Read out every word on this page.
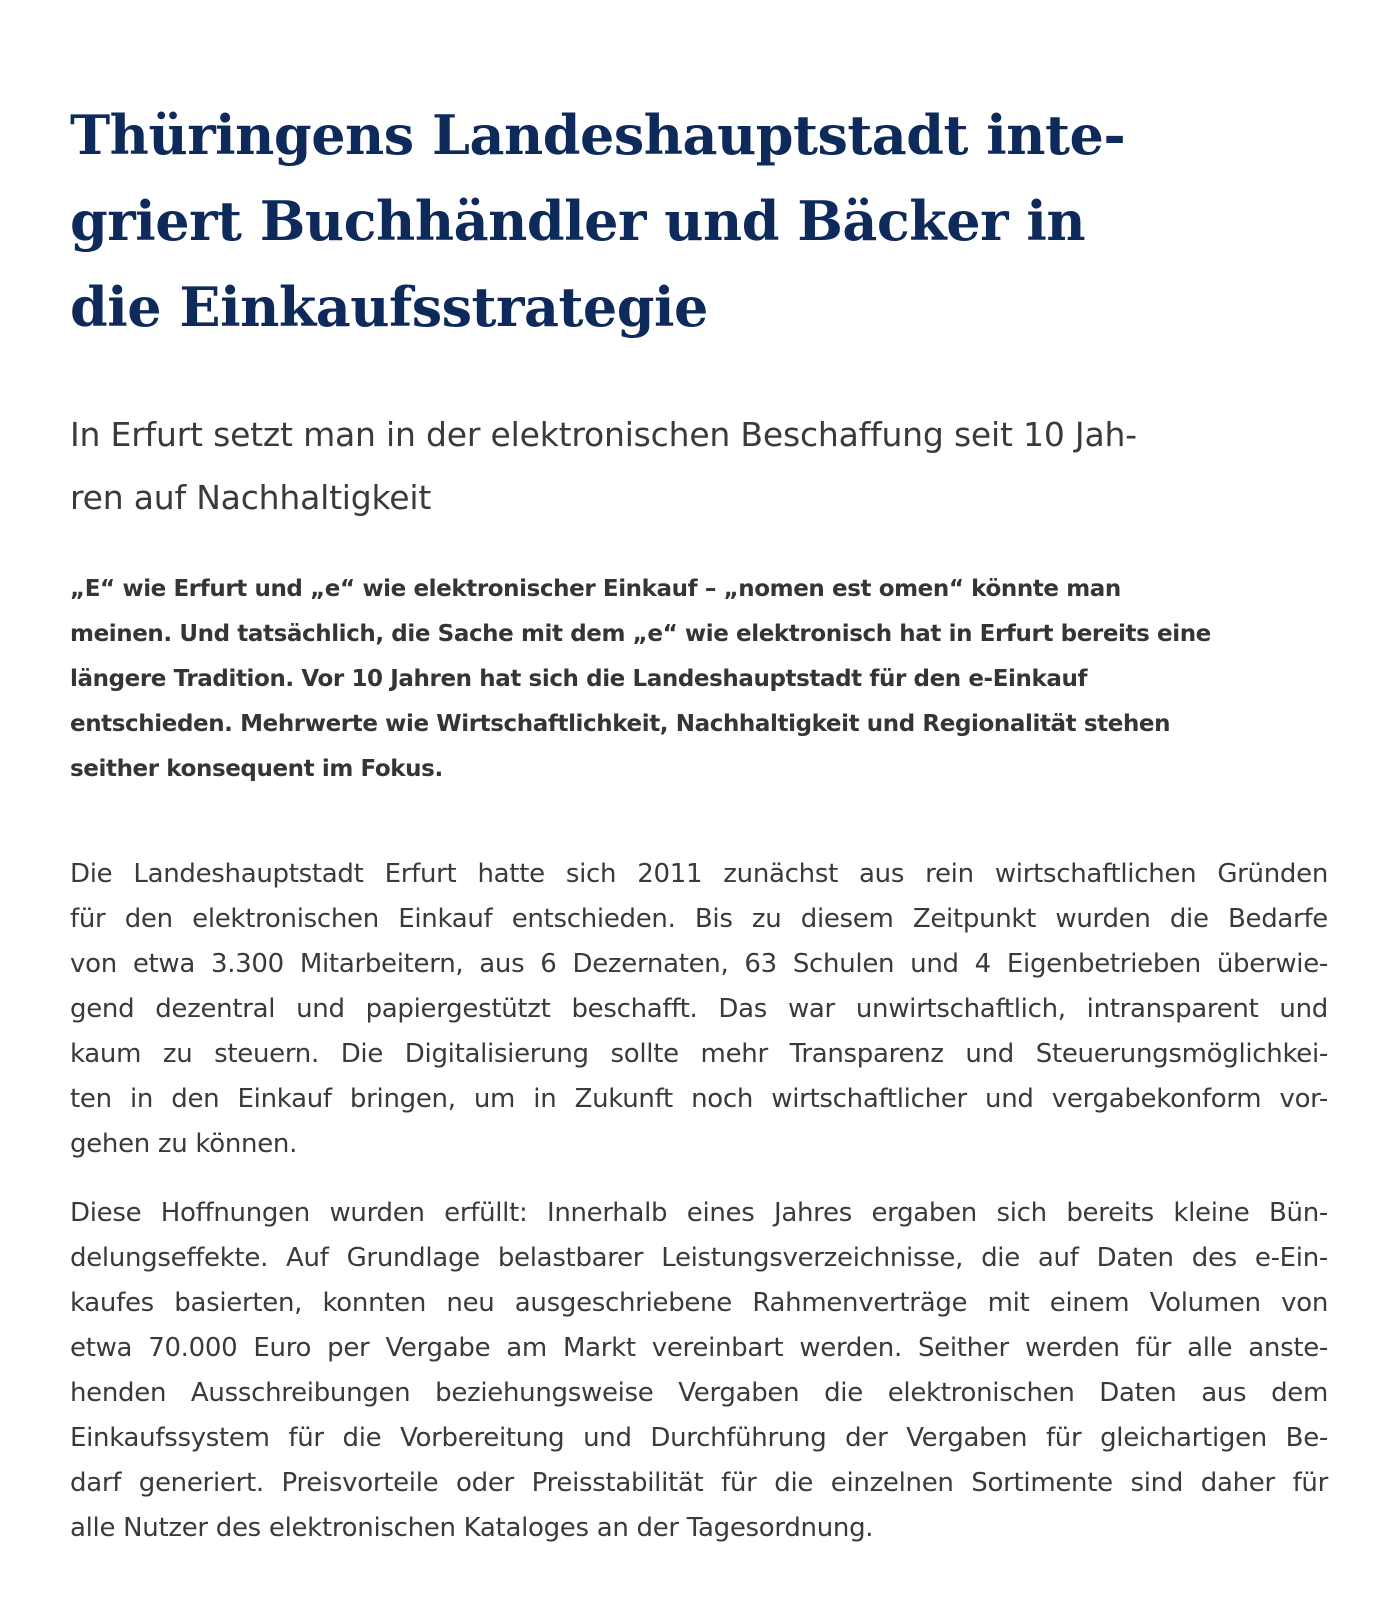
Thüringens Landeshauptstadt inte-
griert Buchhändler und Bäcker in
die Einkaufsstrategie
In Erfurt setzt man in der elektronischen Beschaffung seit 10 Jah-
ren auf Nachhaltigkeit

„E“ wie Erfurt und „e“ wie elektronischer Einkauf – „nomen est omen“ könnte man
meinen. Und tatsächlich, die Sache mit dem „e“ wie elektronisch hat in Erfurt bereits eine
längere Tradition. Vor 10 Jahren hat sich die Landeshauptstadt für den e-Einkauf
entschieden. Mehrwerte wie Wirtschaftlichkeit, Nachhaltigkeit und Regionalität stehen
seither konsequent im Fokus.

Die Landeshauptstadt Erfurt hatte sich 2011 zunächst aus rein wirtschaftlichen Gründen
für den elektronischen Einkauf entschieden. Bis zu diesem Zeitpunkt wurden die Bedarfe
von etwa 3.300 Mitarbeitern, aus 6 Dezernaten, 63 Schulen und 4 Eigenbetrieben überwie-
gend dezentral und papiergestützt beschafft. Das war unwirtschaftlich, intransparent und
kaum zu steuern. Die Digitalisierung sollte mehr Transparenz und Steuerungsmöglichkei-
ten in den Einkauf bringen, um in Zukunft noch wirtschaftlicher und vergabekonform vor-
gehen zu können.

Diese Hoffnungen wurden erfüllt: Innerhalb eines Jahres ergaben sich bereits kleine Bün-
delungseffekte. Auf Grundlage belastbarer Leistungsverzeichnisse, die auf Daten des e-Ein-
kaufes basierten, konnten neu ausgeschriebene Rahmenverträge mit einem Volumen von
etwa 70.000 Euro per Vergabe am Markt vereinbart werden. Seither werden für alle anste-
henden Ausschreibungen beziehungsweise Vergaben die elektronischen Daten aus dem
Einkaufssystem für die Vorbereitung und Durchführung der Vergaben für gleichartigen Be-
darf generiert. Preisvorteile oder Preisstabilität für die einzelnen Sortimente sind daher für
alle Nutzer des elektronischen Kataloges an der Tagesordnung.
